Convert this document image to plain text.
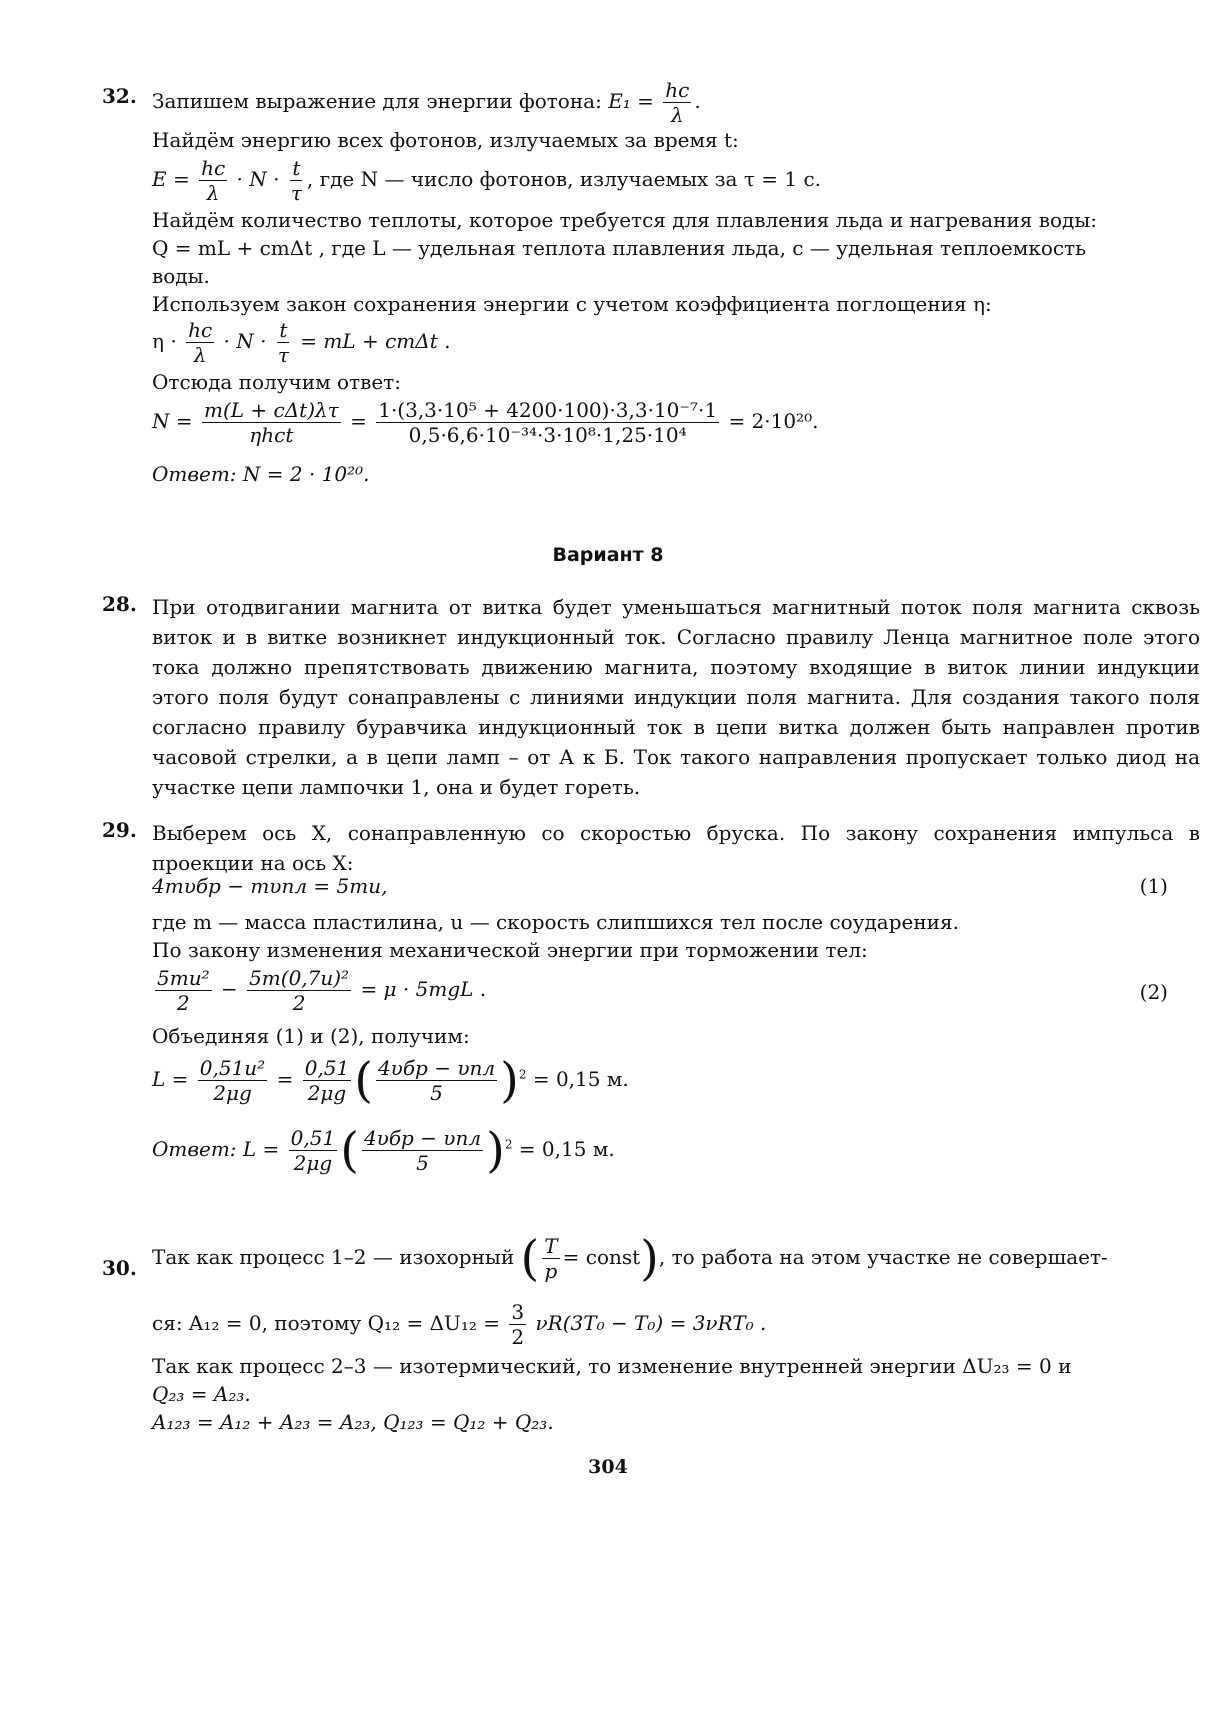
32. Запишем выражение для энергии фотона: $E_1 = \frac{hc}{\lambda}$ .
Найдём энергию всех фотонов, излучаемых за время t:
$E = \frac{hc}{\lambda} \cdot N \cdot \frac{t}{\tau}$ , где N — число фотонов, излучаемых за τ = 1 с.
Найдём количество теплоты, которое требуется для плавления льда и нагревания воды:
Q = mL + cmΔt , где L — удельная теплота плавления льда, c — удельная теплоемкость
воды.
Используем закон сохранения энергии с учетом коэффициента поглощения η:
$\eta \cdot \frac{hc}{\lambda} \cdot N \cdot \frac{t}{\tau}$ = mL + cmΔt .
Отсюда получим ответ:
$N = \frac{\text{m(L + cΔt)λτ}}{\text{ηhct}} = \frac{\text{1·(3,3·10⁵ + 4200·100)·3,3·10⁻⁷·1}}{\text{0,5·6,6·10⁻³⁴·3·10⁸·1,25·10⁴}} = 2\cdot 10^{20}$.
Ответ: N = 2 · 10²⁰.
Вариант 8
28. При отодвигании магнита от витка будет уменьшаться магнитный поток поля магнита сквозь виток и в витке возникнет индукционный ток. Согласно правилу Ленца магнитное поле этого тока должно препятствовать движению магнита, поэтому входящие в виток линии индукции этого поля будут сонаправлены с линиями индукции поля магнита. Для создания такого поля согласно правилу буравчика индукционный ток в цепи витка должен быть направлен против часовой стрелки, а в цепи ламп – от А к Б. Ток такого направления пропускает только диод на участке цепи лампочки 1, она и будет гореть.
29. Выберем ось X, сонаправленную со скоростью бруска. По закону сохранения импульса в проекции на ось X:
4mυбр − mυпл = 5mu,	(1)
где m — масса пластилина, u — скорость слипшихся тел после соударения.
По закону изменения механической энергии при торможении тел:
$\frac{\text{5mu²}}{2} - \frac{\text{5m(0,7u)²}}{2} = \mu \cdot 5mgL$ .	(2)
Объединяя (1) и (2), получим:
$L = \frac{\text{0,51u²}}{2\mu g} = \frac{0,51}{2\mu g}$ ( $\frac{\text{4υбр − υпл}}{5} )^2 = 0,15$ м.
Ответ: $L = \frac{0,51}{2\mu g}$ ( $\frac{\text{4υбр − υпл}}{5} )^2 = 0,15$ м.
30. Так как процесс 1–2 — изохорный ( $\frac{T}{p}$ = const), то работа на этом участке не совершает-
ся: A₁₂ = 0, поэтому $Q_{12} = \Delta U_{12} = \frac{3}{2} \nu R(3T_0 - T_0) = 3\nu RT_0$ .
Так как процесс 2–3 — изотермический, то изменение внутренней энергии ΔU₂₃ = 0 и
Q₂₃ = A₂₃.
A₁₂₃ = A₁₂ + A₂₃ = A₂₃, Q₁₂₃ = Q₁₂ + Q₂₃.
304
